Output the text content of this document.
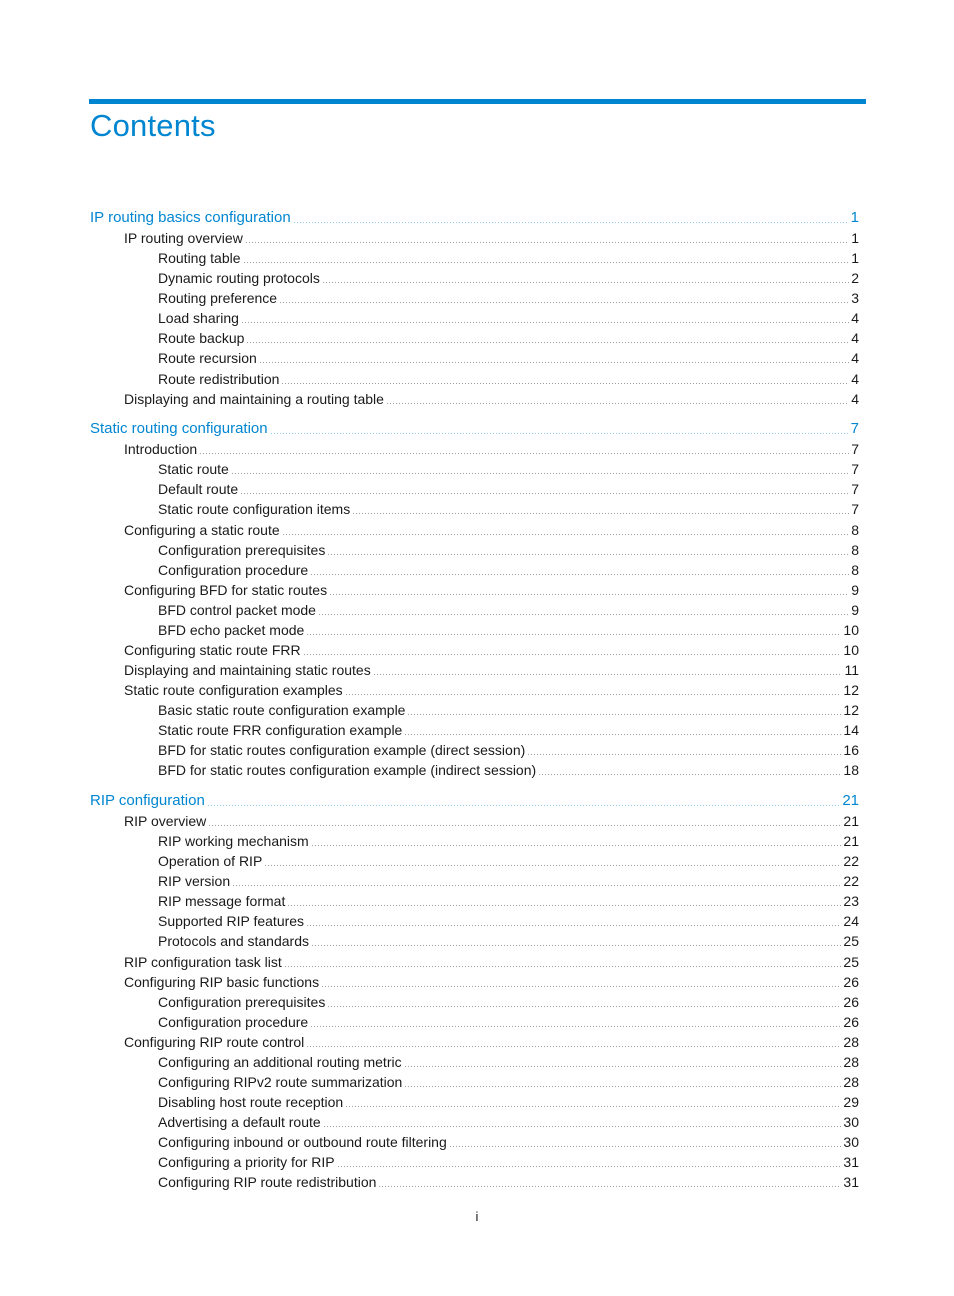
Contents
IP routing basics configuration	1
IP routing overview	1
Routing table	1
Dynamic routing protocols	2
Routing preference	3
Load sharing	4
Route backup	4
Route recursion	4
Route redistribution	4
Displaying and maintaining a routing table	4
Static routing configuration	7
Introduction	7
Static route	7
Default route	7
Static route configuration items	7
Configuring a static route	8
Configuration prerequisites	8
Configuration procedure	8
Configuring BFD for static routes	9
BFD control packet mode	9
BFD echo packet mode	10
Configuring static route FRR	10
Displaying and maintaining static routes	11
Static route configuration examples	12
Basic static route configuration example	12
Static route FRR configuration example	14
BFD for static routes configuration example (direct session)	16
BFD for static routes configuration example (indirect session)	18
RIP configuration	21
RIP overview	21
RIP working mechanism	21
Operation of RIP	22
RIP version	22
RIP message format	23
Supported RIP features	24
Protocols and standards	25
RIP configuration task list	25
Configuring RIP basic functions	26
Configuration prerequisites	26
Configuration procedure	26
Configuring RIP route control	28
Configuring an additional routing metric	28
Configuring RIPv2 route summarization	28
Disabling host route reception	29
Advertising a default route	30
Configuring inbound or outbound route filtering	30
Configuring a priority for RIP	31
Configuring RIP route redistribution	31
i
